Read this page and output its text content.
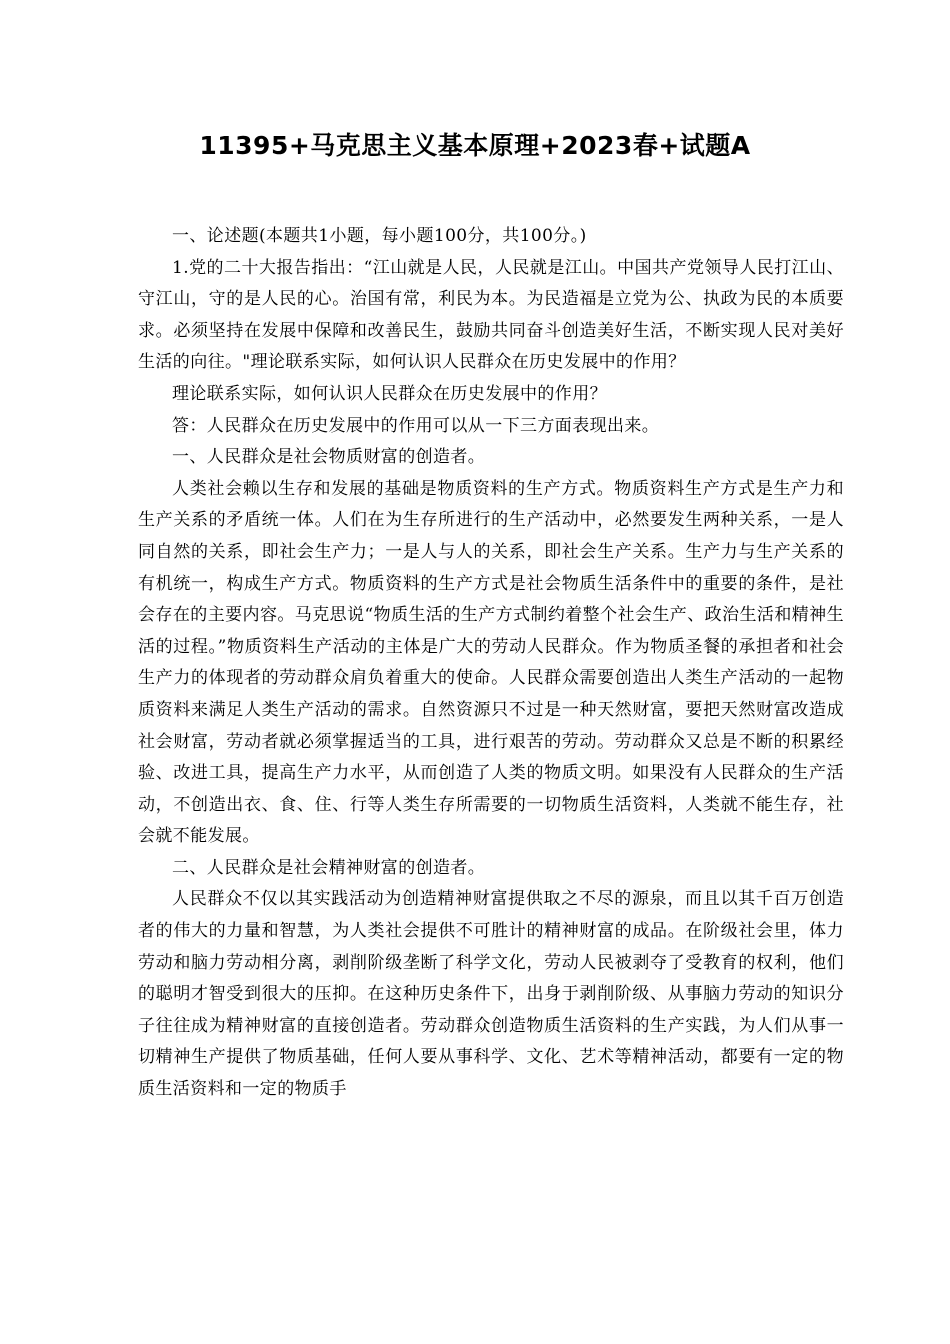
11395+马克思主义基本原理+2023春+试题A

一、论述题(本题共1小题，每小题100分，共100分。)

1.党的二十大报告指出：“江山就是人民，人民就是江山。中国共产党领导人民打江山、守江山，守的是人民的心。治国有常，利民为本。为民造福是立党为公、执政为民的本质要求。必须坚持在发展中保障和改善民生，鼓励共同奋斗创造美好生活，不断实现人民对美好生活的向往。"理论联系实际，如何认识人民群众在历史发展中的作用？

理论联系实际，如何认识人民群众在历史发展中的作用？

答：人民群众在历史发展中的作用可以从一下三方面表现出来。

一、人民群众是社会物质财富的创造者。

人类社会赖以生存和发展的基础是物质资料的生产方式。物质资料生产方式是生产力和生产关系的矛盾统一体。人们在为生存所进行的生产活动中，必然要发生两种关系，一是人同自然的关系，即社会生产力；一是人与人的关系，即社会生产关系。生产力与生产关系的有机统一，构成生产方式。物质资料的生产方式是社会物质生活条件中的重要的条件，是社会存在的主要内容。马克思说“物质生活的生产方式制约着整个社会生产、政治生活和精神生活的过程。”物质资料生产活动的主体是广大的劳动人民群众。作为物质圣餐的承担者和社会生产力的体现者的劳动群众肩负着重大的使命。人民群众需要创造出人类生产活动的一起物质资料来满足人类生产活动的需求。自然资源只不过是一种天然财富，要把天然财富改造成社会财富，劳动者就必须掌握适当的工具，进行艰苦的劳动。劳动群众又总是不断的积累经验、改进工具，提高生产力水平，从而创造了人类的物质文明。如果没有人民群众的生产活动，不创造出衣、食、住、行等人类生存所需要的一切物质生活资料，人类就不能生存，社会就不能发展。

二、人民群众是社会精神财富的创造者。

人民群众不仅以其实践活动为创造精神财富提供取之不尽的源泉，而且以其千百万创造者的伟大的力量和智慧，为人类社会提供不可胜计的精神财富的成品。在阶级社会里，体力劳动和脑力劳动相分离，剥削阶级垄断了科学文化，劳动人民被剥夺了受教育的权利，他们的聪明才智受到很大的压抑。在这种历史条件下，出身于剥削阶级、从事脑力劳动的知识分子往往成为精神财富的直接创造者。劳动群众创造物质生活资料的生产实践，为人们从事一切精神生产提供了物质基础，任何人要从事科学、文化、艺术等精神活动，都要有一定的物质生活资料和一定的物质手
